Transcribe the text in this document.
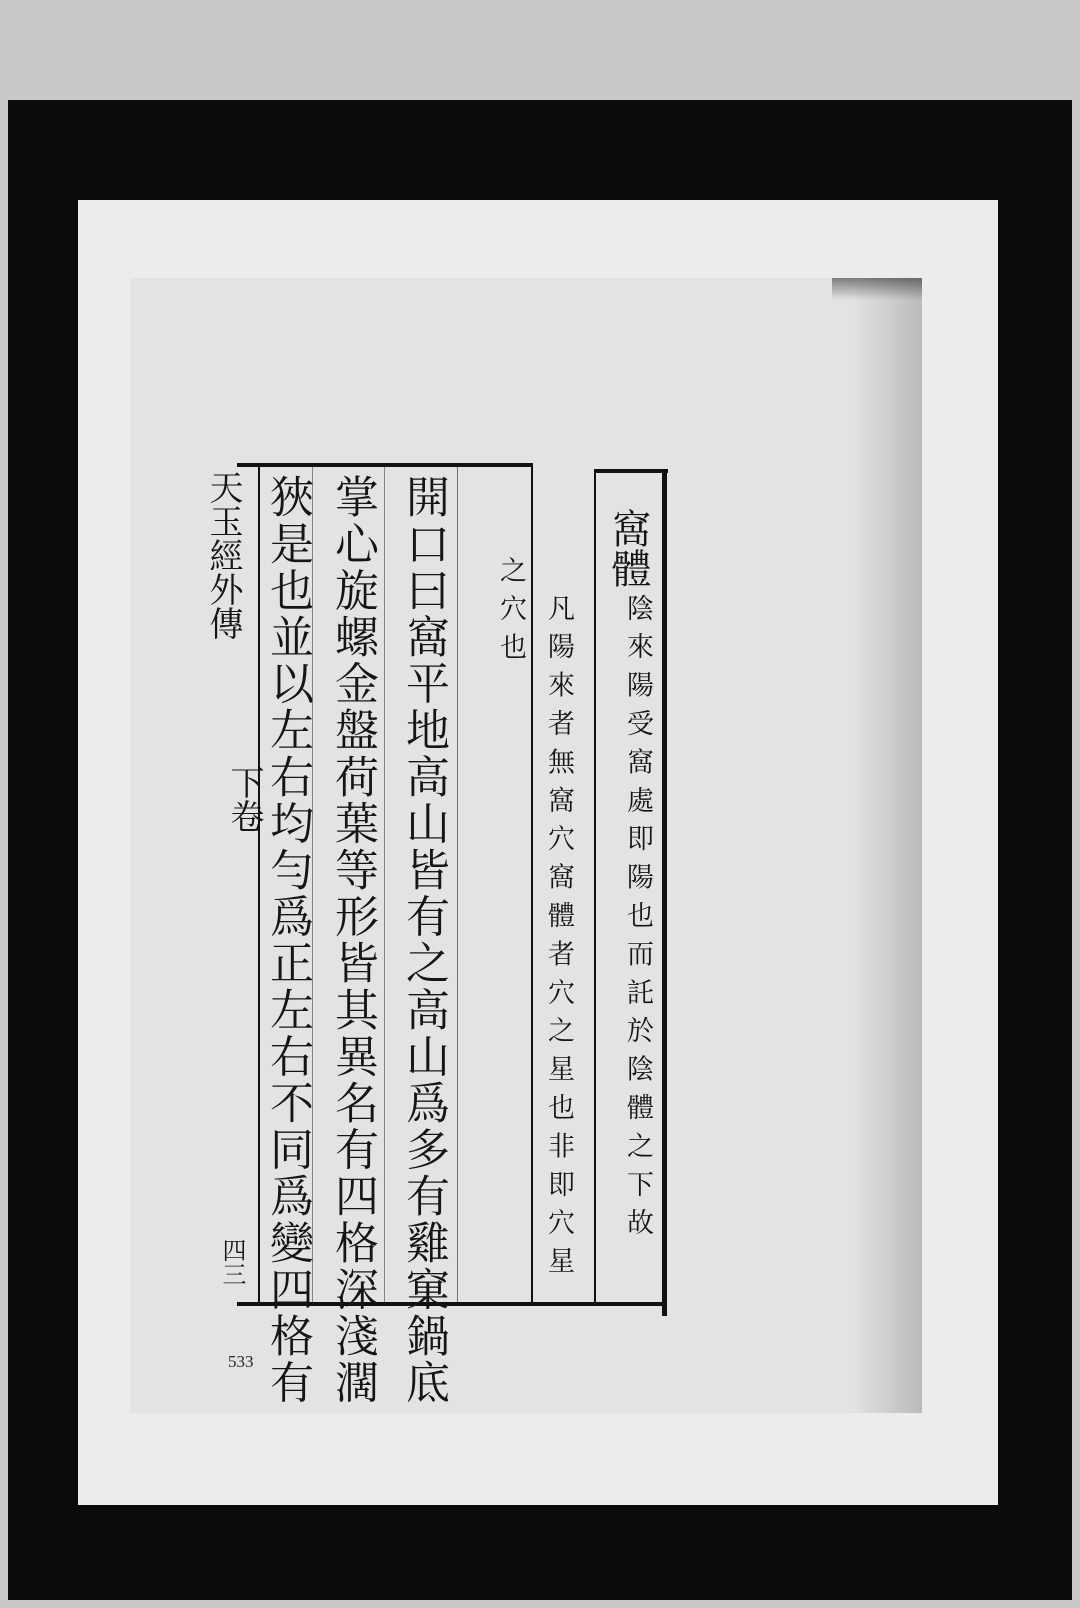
窩體
陰來陽受窩處即陽也而託於陰體之下故
凡陽來者無窩穴窩體者穴之星也非即穴星
之穴也
開口曰窩平地高山皆有之高山爲多有雞窠鍋底
掌心旋螺金盤荷葉等形皆其異名有四格深淺濶
狹是也並以左右均勻爲正左右不同爲變四格有
天玉經外傳
下卷
四三
533
